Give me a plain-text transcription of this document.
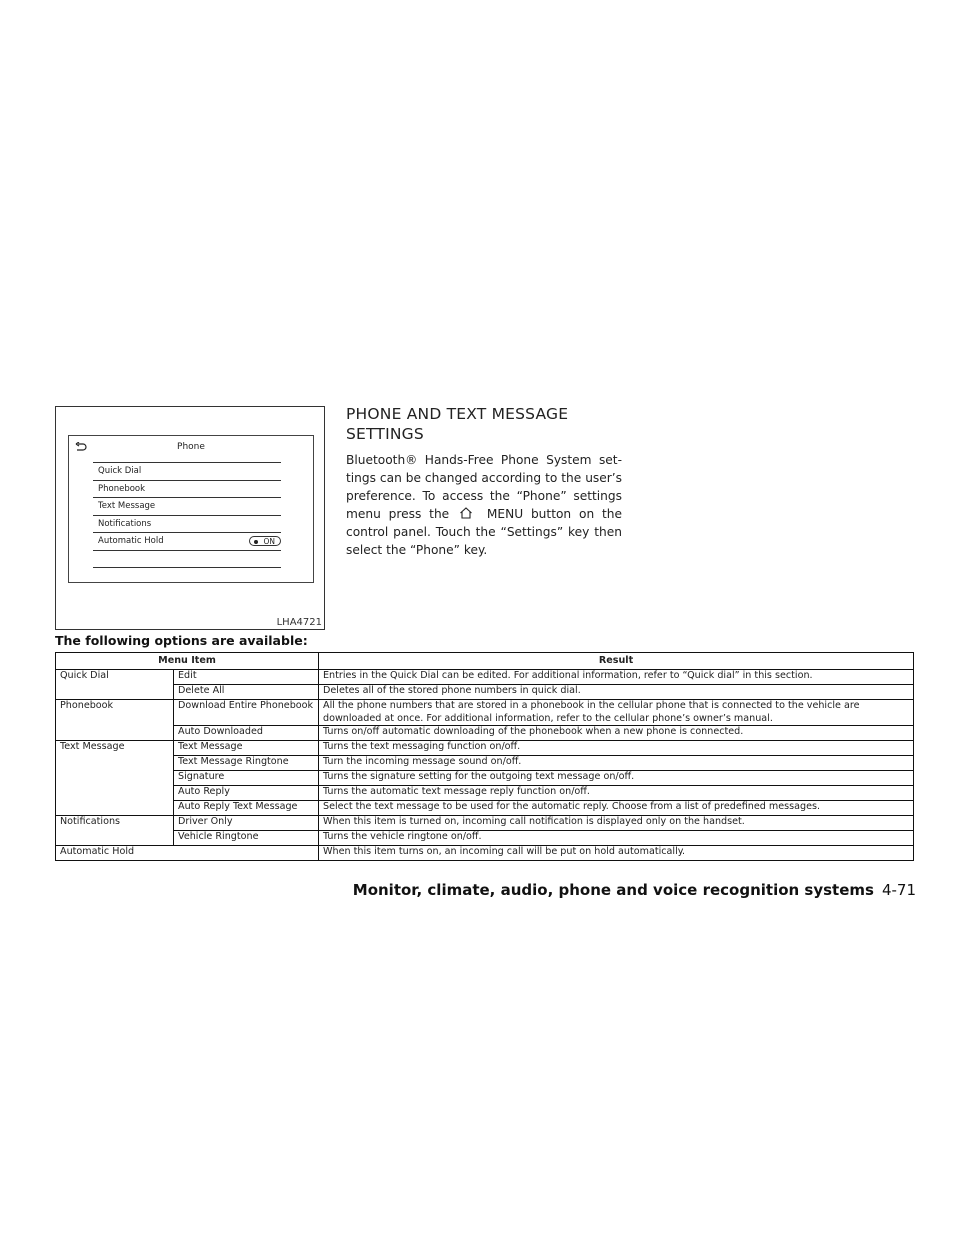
Phone
Quick Dial
Phonebook
Text Message
Notifications
Automatic Hold	ON
LHA4721
PHONE AND TEXT MESSAGE
SETTINGS
Bluetooth® Hands-Free Phone System settings can be changed according to the user’s preference. To access the “Phone” settings menu press the	MENU button on the control panel. Touch the “Settings” key then select the “Phone” key.
The following options are available:
Menu Item		Result
Quick Dial	Edit	Entries in the Quick Dial can be edited. For additional information, refer to “Quick dial” in this section.
	Delete All	Deletes all of the stored phone numbers in quick dial.
Phonebook	Download Entire Phonebook	All the phone numbers that are stored in a phonebook in the cellular phone that is connected to the vehicle are downloaded at once. For additional information, refer to the cellular phone’s owner’s manual.
	Auto Downloaded	Turns on/off automatic downloading of the phonebook when a new phone is connected.
Text Message	Text Message	Turns the text messaging function on/off.
	Text Message Ringtone	Turn the incoming message sound on/off.
	Signature	Turns the signature setting for the outgoing text message on/off.
	Auto Reply	Turns the automatic text message reply function on/off.
	Auto Reply Text Message	Select the text message to be used for the automatic reply. Choose from a list of predefined messages.
Notifications	Driver Only	When this item is turned on, incoming call notification is displayed only on the handset.
	Vehicle Ringtone	Turns the vehicle ringtone on/off.
Automatic Hold		When this item turns on, an incoming call will be put on hold automatically.
Monitor, climate, audio, phone and voice recognition systems 4-71
